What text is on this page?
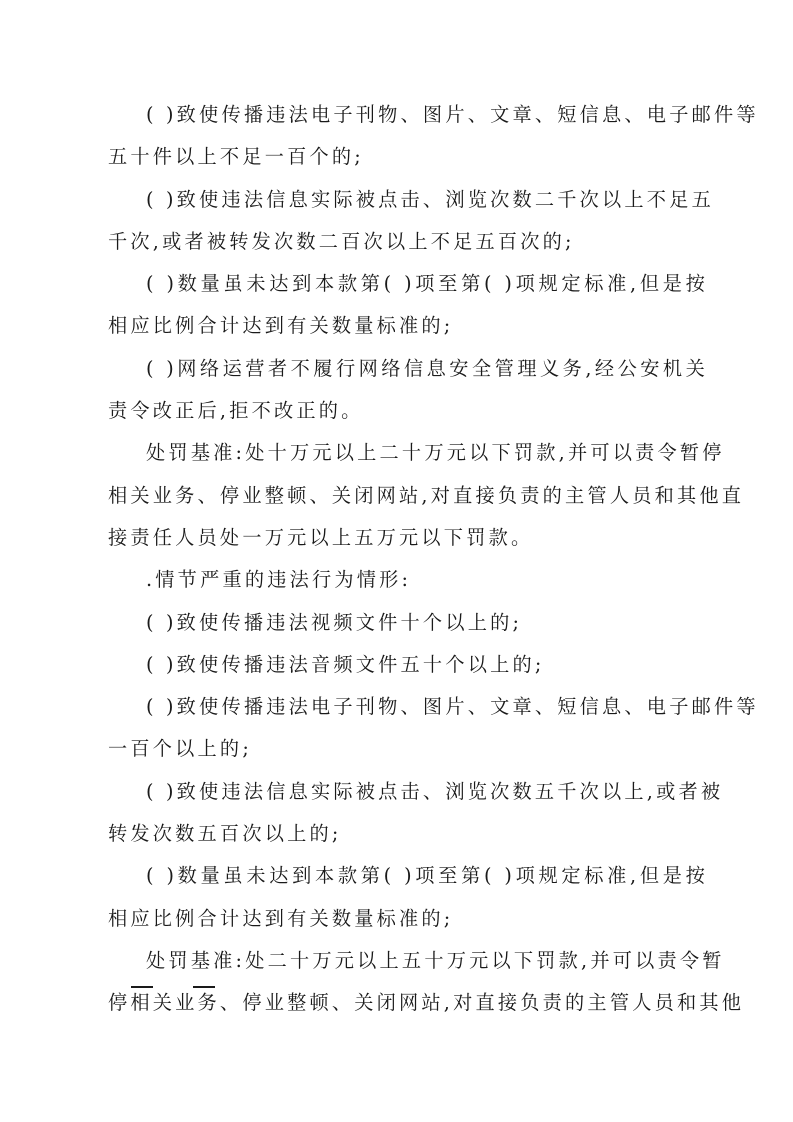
( )致使传播违法电子刊物、图片、文章、短信息、电子邮件等
五十件以上不足一百个的;
( )致使违法信息实际被点击、浏览次数二千次以上不足五
千次,或者被转发次数二百次以上不足五百次的;
( )数量虽未达到本款第( )项至第( )项规定标准,但是按
相应比例合计达到有关数量标准的;
( )网络运营者不履行网络信息安全管理义务,经公安机关
责令改正后,拒不改正的。
处罚基准:处十万元以上二十万元以下罚款,并可以责令暂停
相关业务、停业整顿、关闭网站,对直接负责的主管人员和其他直
接责任人员处一万元以上五万元以下罚款。
.情节严重的违法行为情形:
( )致使传播违法视频文件十个以上的;
( )致使传播违法音频文件五十个以上的;
( )致使传播违法电子刊物、图片、文章、短信息、电子邮件等
一百个以上的;
( )致使违法信息实际被点击、浏览次数五千次以上,或者被
转发次数五百次以上的;
( )数量虽未达到本款第( )项至第( )项规定标准,但是按
相应比例合计达到有关数量标准的;
处罚基准:处二十万元以上五十万元以下罚款,并可以责令暂
停相关业务、停业整顿、关闭网站,对直接负责的主管人员和其他
